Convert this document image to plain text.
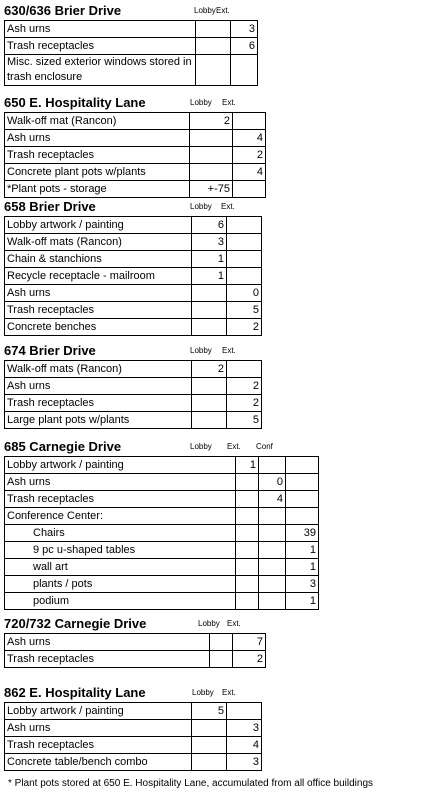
630/636 Brier Drive	Lobby Ext.
Ash urns		3
Trash receptacles		6
Misc. sized exterior windows stored in trash enclosure		
650 E. Hospitality Lane	Lobby Ext.
Walk-off mat (Rancon)	2	
Ash urns		4
Trash receptacles		2
Concrete plant pots w/plants		4
*Plant pots - storage	+-75	
658 Brier Drive	Lobby Ext.
Lobby artwork / painting	6	
Walk-off mats (Rancon)	3	
Chain & stanchions	1	
Recycle receptacle - mailroom	1	
Ash urns		0
Trash receptacles		5
Concrete benches		2
674 Brier Drive	Lobby Ext.
Walk-off mats (Rancon)	2	
Ash urns		2
Trash receptacles		2
Large plant pots w/plants		5
685 Carnegie Drive	Lobby Ext. Conf
Lobby artwork / painting	1		
Ash urns		0	
Trash receptacles		4	
Conference Center:			
Chairs			39
9 pc u-shaped tables			1
wall art			1
plants / pots			3
podium			1
720/732 Carnegie Drive	Lobby Ext.
Ash urns		7
Trash receptacles		2
862 E. Hospitality Lane	Lobby Ext.
Lobby artwork / painting	5	
Ash urns		3
Trash receptacles		4
Concrete table/bench combo		3
* Plant pots stored at 650 E. Hospitality Lane, accumulated from all office buildings
